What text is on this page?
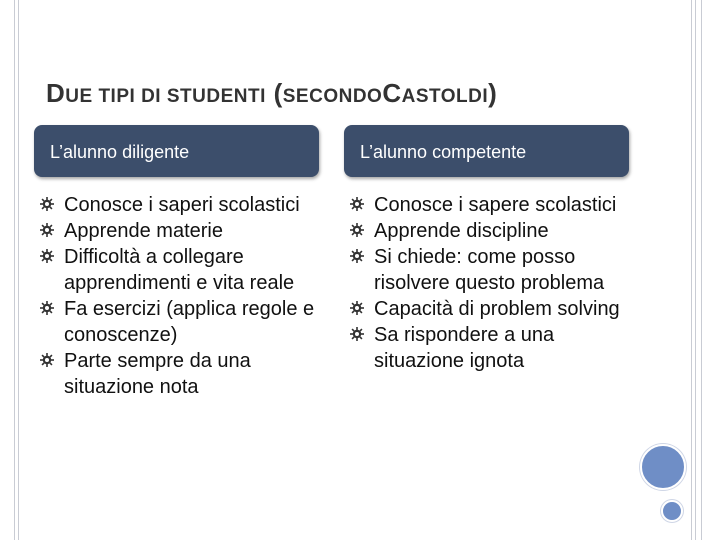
DUE TIPI DI STUDENTI (SECONDOCASTOLDI)
L’alunno diligente	L’alunno competente
Conosce i saperi scolastici
Apprende materie
Difficoltà a collegare apprendimenti e vita reale
Fa esercizi (applica regole e conoscenze)
Parte sempre da una situazione nota
Conosce i sapere scolastici
Apprende discipline
Si chiede: come posso risolvere questo problema
Capacità di problem solving
Sa rispondere a una situazione ignota
